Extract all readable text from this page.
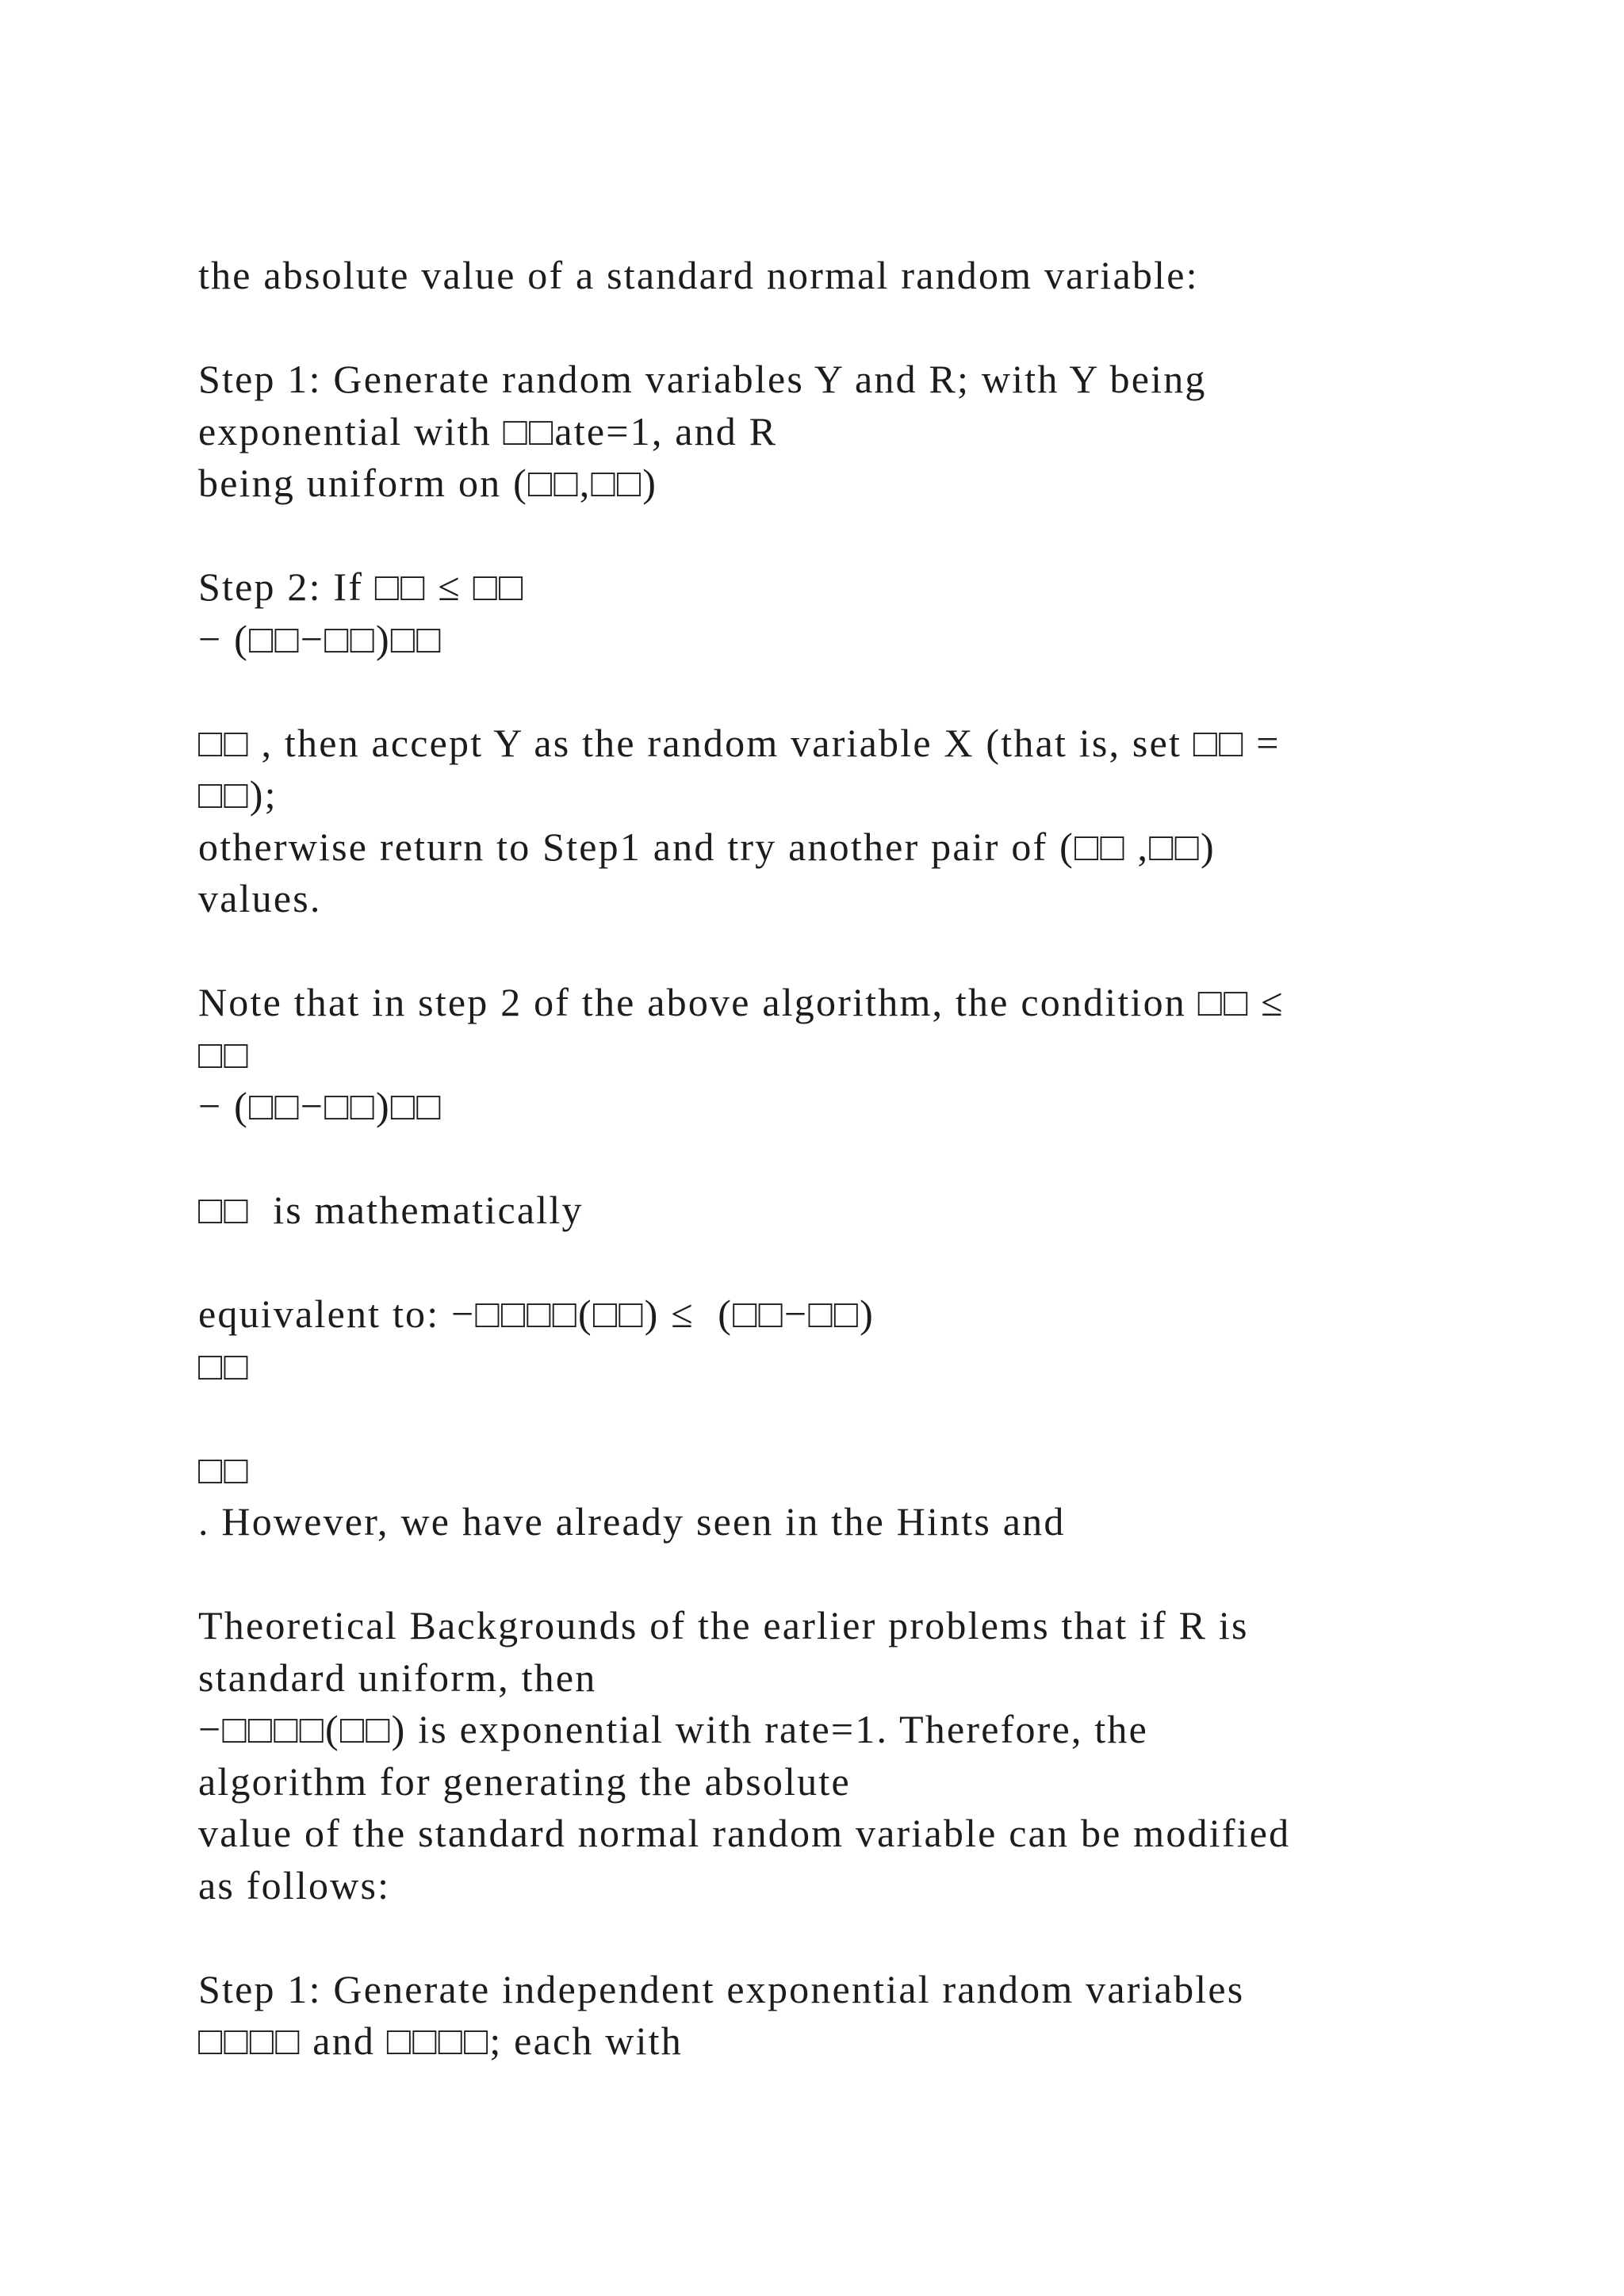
the absolute value of a standard normal random variable:
Step 1: Generate random variables Y and R; with Y being
exponential with □□ate=1, and R
being uniform on (□□,□□)
Step 2: If □□ ≤ □□
− (□□−□□)□□
□□ , then accept Y as the random variable X (that is, set □□ =
□□);
otherwise return to Step1 and try another pair of (□□ ,□□)
values.
Note that in step 2 of the above algorithm, the condition □□ ≤
□□
− (□□−□□)□□
□□  is mathematically
equivalent to: −□□□□(□□) ≤  (□□−□□)
□□
□□
. However, we have already seen in the Hints and
Theoretical Backgrounds of the earlier problems that if R is
standard uniform, then
−□□□□(□□) is exponential with rate=1. Therefore, the
algorithm for generating the absolute
value of the standard normal random variable can be modified
as follows:
Step 1: Generate independent exponential random variables
□□□□ and □□□□; each with
